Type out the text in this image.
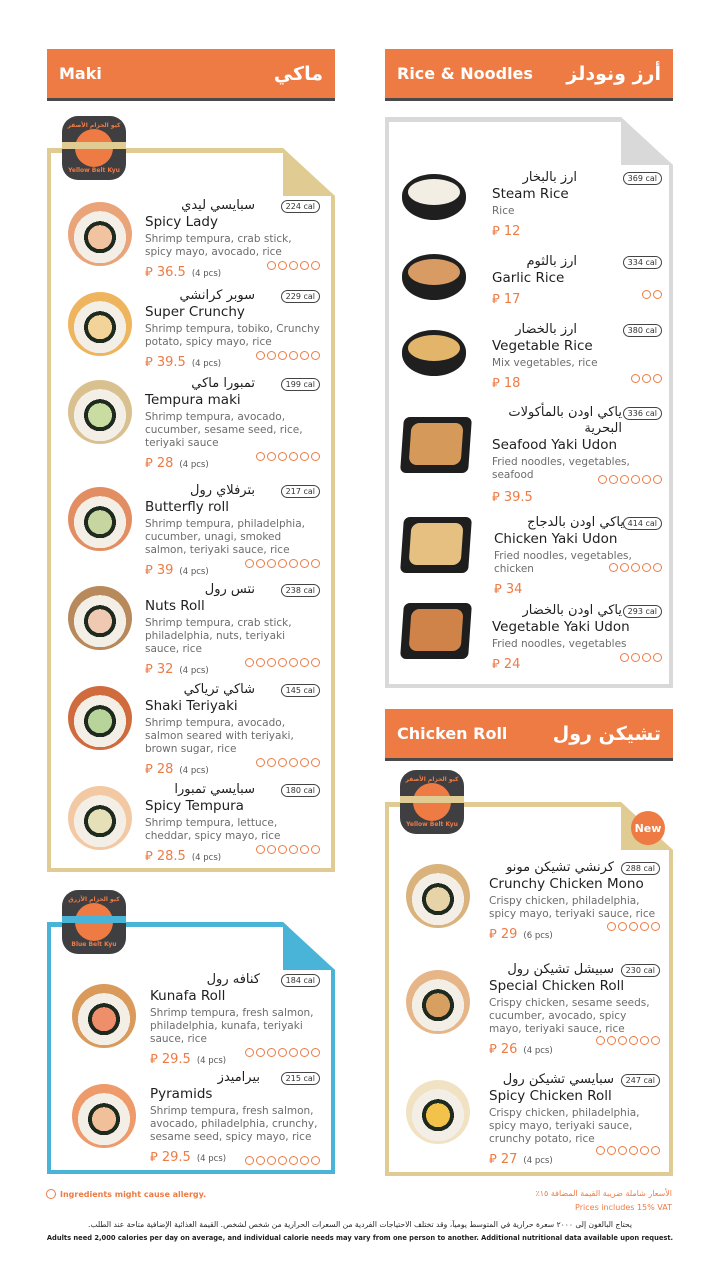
Maki	ماكي
كيو الحزام الأصفر
Yellow Belt Kyu
سبايسي ليدي
Spicy Lady
Shrimp tempura, crab stick, spicy mayo, avocado, rice
⃁ 36.5 (4 pcs)
224 cal
سوبر كرانشي
Super Crunchy
Shrimp tempura, tobiko, Crunchy potato, spicy mayo, rice
⃁ 39.5 (4 pcs)
229 cal
تمبورا ماكي
Tempura maki
Shrimp tempura, avocado, cucumber, sesame seed, rice, teriyaki sauce
⃁ 28 (4 pcs)
199 cal
بترفلاي رول
Butterfly roll
Shrimp tempura, philadelphia, cucumber, unagi, smoked salmon, teriyaki sauce, rice
⃁ 39 (4 pcs)
217 cal
نتس رول
Nuts Roll
Shrimp tempura, crab stick, philadelphia, nuts, teriyaki sauce, rice
⃁ 32 (4 pcs)
238 cal
شاكي ترياكي
Shaki Teriyaki
Shrimp tempura, avocado, salmon seared with teriyaki, brown sugar, rice
⃁ 28 (4 pcs)
145 cal
سبايسي تمبورا
Spicy Tempura
Shrimp tempura, lettuce, cheddar, spicy mayo, rice
⃁ 28.5 (4 pcs)
180 cal
كيو الحزام الأزرق
Blue Belt Kyu
كنافه رول
Kunafa Roll
Shrimp tempura, fresh salmon, philadelphia, kunafa, teriyaki sauce, rice
⃁ 29.5 (4 pcs)
184 cal
بيراميدز
Pyramids
Shrimp tempura, fresh salmon, avocado, philadelphia, crunchy, sesame seed, spicy mayo, rice
⃁ 29.5 (4 pcs)
215 cal
Rice & Noodles أرز ونودلز
ارز بالبخار
Steam Rice
Rice
⃁ 12
369 cal
ارز بالثوم
Garlic Rice
⃁ 17
334 cal
ارز بالخضار
Vegetable Rice
Mix vegetables, rice
⃁ 18
380 cal
ياكي اودن بالمأكولات البحرية
Seafood Yaki Udon
Fried noodles, vegetables, seafood
⃁ 39.5
336 cal
ياكي اودن بالدجاج
Chicken Yaki Udon
Fried noodles, vegetables, chicken
⃁ 34
414 cal
ياكي اودن بالخضار
Vegetable Yaki Udon
Fried noodles, vegetables
⃁ 24
293 cal
Chicken Roll تشيكن رول
كيو الحزام الأصفر
Yellow Belt Kyu	New
كرنشي تشيكن مونو
Crunchy Chicken Mono
Crispy chicken, philadelphia, spicy mayo, teriyaki sauce, rice
⃁ 29 (6 pcs)
288 cal
سبيشل تشيكن رول
Special Chicken Roll
Crispy chicken, sesame seeds, cucumber, avocado, spicy mayo, teriyaki sauce, rice
⃁ 26 (4 pcs)
230 cal
سبايسي تشيكن رول
Spicy Chicken Roll
Crispy chicken, philadelphia, spicy mayo, teriyaki sauce, crunchy potato, rice
⃁ 27 (4 pcs)
247 cal
Ingredients might cause allergy.	الأسعار شاملة ضريبة القيمة المضافة ١٥٪
Prices includes 15% VAT
يحتاج البالغون إلى ٢٠٠٠ سعرة حرارية في المتوسط يومياً، وقد تختلف الاحتياجات الفردية من السعرات الحرارية من شخص لشخص. القيمة الغذائية الإضافية متاحة عند الطلب.
Adults need 2,000 calories per day on average, and individual calorie needs may vary from one person to another. Additional nutritional data available upon request.
